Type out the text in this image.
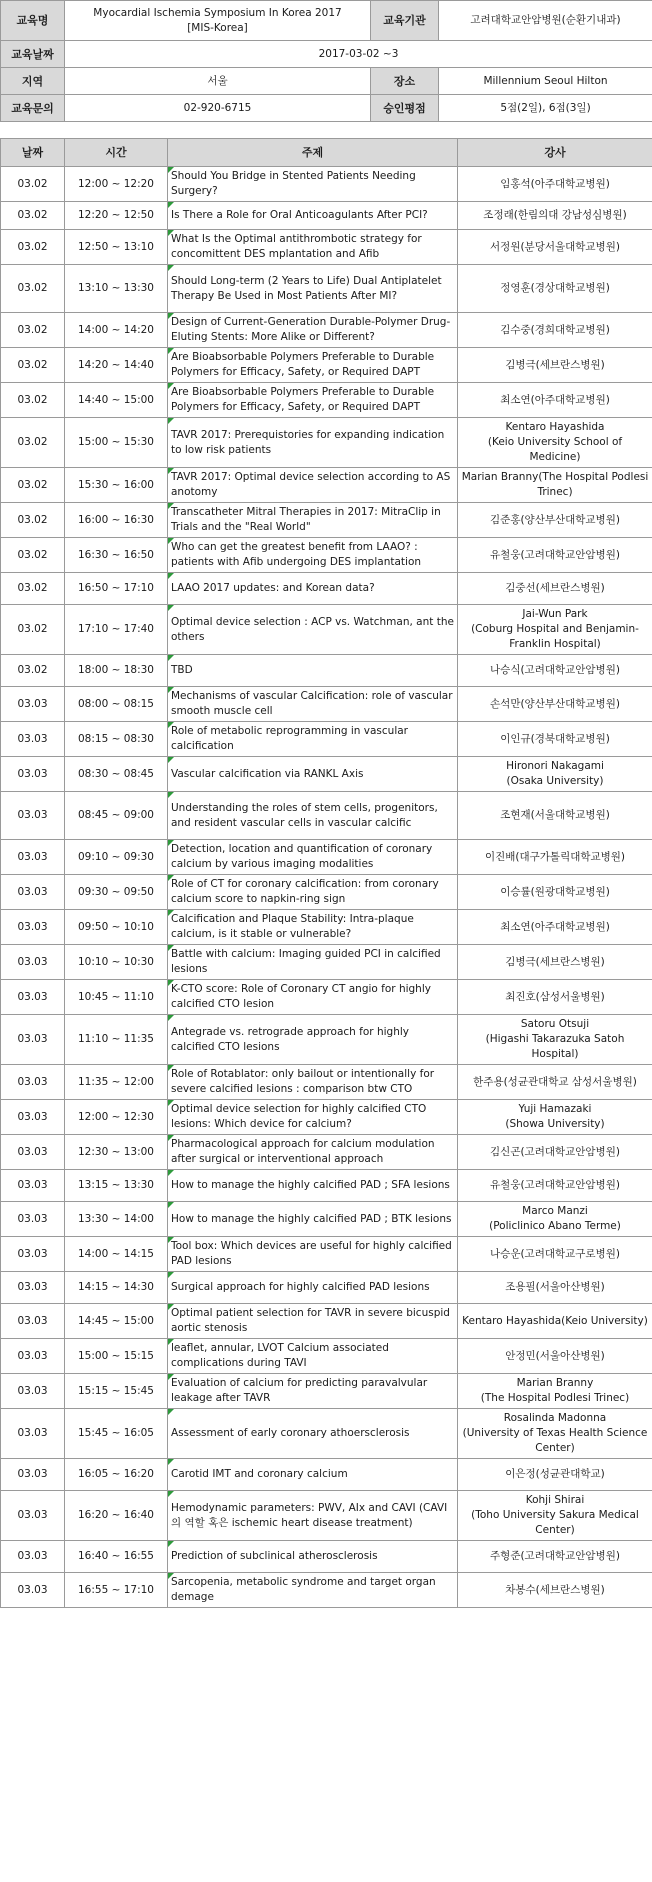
교육명	Myocardial Ischemia Symposium In Korea 2017
[MIS-Korea]	교육기관	고려대학교안암병원(순환기내과)
교육날짜	2017-03-02 ~3		
지역	서울	장소	Millennium Seoul Hilton
교육문의	02-920-6715	승인평점	5점(2일), 6점(3일)
날짜	시간	주제	강사
03.02	12:00 ~ 12:20	Should You Bridge in Stented Patients Needing Surgery?	임홍석(아주대학교병원)
03.02	12:20 ~ 12:50	Is There a Role for Oral Anticoagulants After PCI?	조정래(한림의대 강남성심병원)
03.02	12:50 ~ 13:10	What Is the Optimal antithrombotic strategy for concomittent DES mplantation and Afib	서정원(분당서울대학교병원)
03.02	13:10 ~ 13:30	Should Long-term (2 Years to Life) Dual Antiplatelet Therapy Be Used in Most Patients After MI?	정영훈(경상대학교병원)
03.02	14:00 ~ 14:20	Design of Current-Generation Durable-Polymer Drug-Eluting Stents: More Alike or Different?	김수중(경희대학교병원)
03.02	14:20 ~ 14:40	Are Bioabsorbable Polymers Preferable to Durable Polymers for Efficacy, Safety, or Required DAPT	김병극(세브란스병원)
03.02	14:40 ~ 15:00	Are Bioabsorbable Polymers Preferable to Durable Polymers for Efficacy, Safety, or Required DAPT	최소연(아주대학교병원)
03.02	15:00 ~ 15:30	TAVR 2017: Prerequistories for expanding indication to low risk patients	Kentaro Hayashida
(Keio University School of Medicine)
03.02	15:30 ~ 16:00	TAVR 2017: Optimal device selection according to AS anotomy	Marian Branny(The Hospital Podlesi Trinec)
03.02	16:00 ~ 16:30	Transcatheter Mitral Therapies in 2017: MitraClip in Trials and the "Real World"	김준홍(양산부산대학교병원)
03.02	16:30 ~ 16:50	Who can get the greatest benefit from LAAO? : patients with Afib undergoing DES implantation	유철웅(고려대학교안암병원)
03.02	16:50 ~ 17:10	LAAO 2017 updates: and Korean data?	김중선(세브란스병원)
03.02	17:10 ~ 17:40	Optimal device selection : ACP vs. Watchman, ant the others	Jai-Wun Park
(Coburg Hospital and Benjamin-Franklin Hospital)
03.02	18:00 ~ 18:30	TBD	나승식(고려대학교안암병원)
03.03	08:00 ~ 08:15	Mechanisms of vascular Calcification: role of vascular smooth muscle cell	손석만(양산부산대학교병원)
03.03	08:15 ~ 08:30	Role of metabolic reprogramming in vascular calcification	이인규(경북대학교병원)
03.03	08:30 ~ 08:45	Vascular calcification via RANKL Axis	Hironori Nakagami
(Osaka University)
03.03	08:45 ~ 09:00	Understanding the roles of stem cells, progenitors, and resident vascular cells in vascular calcific	조현재(서울대학교병원)
03.03	09:10 ~ 09:30	Detection, location and quantification of coronary calcium by various imaging modalities	이진배(대구가톨릭대학교병원)
03.03	09:30 ~ 09:50	Role of CT for coronary calcification: from coronary calcium score to napkin-ring sign	이승률(원광대학교병원)
03.03	09:50 ~ 10:10	Calcification and Plaque Stability: Intra-plaque calcium, is it stable or vulnerable?	최소연(아주대학교병원)
03.03	10:10 ~ 10:30	Battle with calcium: Imaging guided PCI in calcified lesions	김병극(세브란스병원)
03.03	10:45 ~ 11:10	K-CTO score: Role of Coronary CT angio for highly calcified CTO lesion	최진호(삼성서울병원)
03.03	11:10 ~ 11:35	Antegrade vs. retrograde approach for highly calcified CTO lesions	Satoru Otsuji
(Higashi Takarazuka Satoh Hospital)
03.03	11:35 ~ 12:00	Role of Rotablator: only bailout or intentionally for severe calcified lesions : comparison btw CTO	한주용(성균관대학교 삼성서울병원)
03.03	12:00 ~ 12:30	Optimal device selection for highly calcified CTO lesions: Which device for calcium?	Yuji Hamazaki
(Showa University)
03.03	12:30 ~ 13:00	Pharmacological approach for calcium modulation after surgical or interventional approach	김신곤(고려대학교안암병원)
03.03	13:15 ~ 13:30	How to manage the highly calcified PAD ; SFA lesions	유철웅(고려대학교안암병원)
03.03	13:30 ~ 14:00	How to manage the highly calcified PAD ; BTK lesions	Marco Manzi
(Policlinico Abano Terme)
03.03	14:00 ~ 14:15	Tool box: Which devices are useful for highly calcified PAD lesions	나승운(고려대학교구로병원)
03.03	14:15 ~ 14:30	Surgical approach for highly calcified PAD lesions	조용필(서울아산병원)
03.03	14:45 ~ 15:00	Optimal patient selection for TAVR in severe bicuspid aortic stenosis	Kentaro Hayashida(Keio University)
03.03	15:00 ~ 15:15	leaflet, annular, LVOT Calcium associated complications during TAVI	안정민(서울아산병원)
03.03	15:15 ~ 15:45	Evaluation of calcium for predicting paravalvular leakage after TAVR	Marian Branny
(The Hospital Podlesi Trinec)
03.03	15:45 ~ 16:05	Assessment of early coronary athoersclerosis	Rosalinda Madonna
(University of Texas Health Science Center)
03.03	16:05 ~ 16:20	Carotid IMT and coronary calcium	이은정(성균관대학교)
03.03	16:20 ~ 16:40	Hemodynamic parameters: PWV, AIx and CAVI (CAVI의 역할 혹은 ischemic heart disease treatment)	Kohji Shirai
(Toho University Sakura Medical Center)
03.03	16:40 ~ 16:55	Prediction of subclinical atherosclerosis	주형준(고려대학교안암병원)
03.03	16:55 ~ 17:10	Sarcopenia, metabolic syndrome and target organ demage	차봉수(세브란스병원)
